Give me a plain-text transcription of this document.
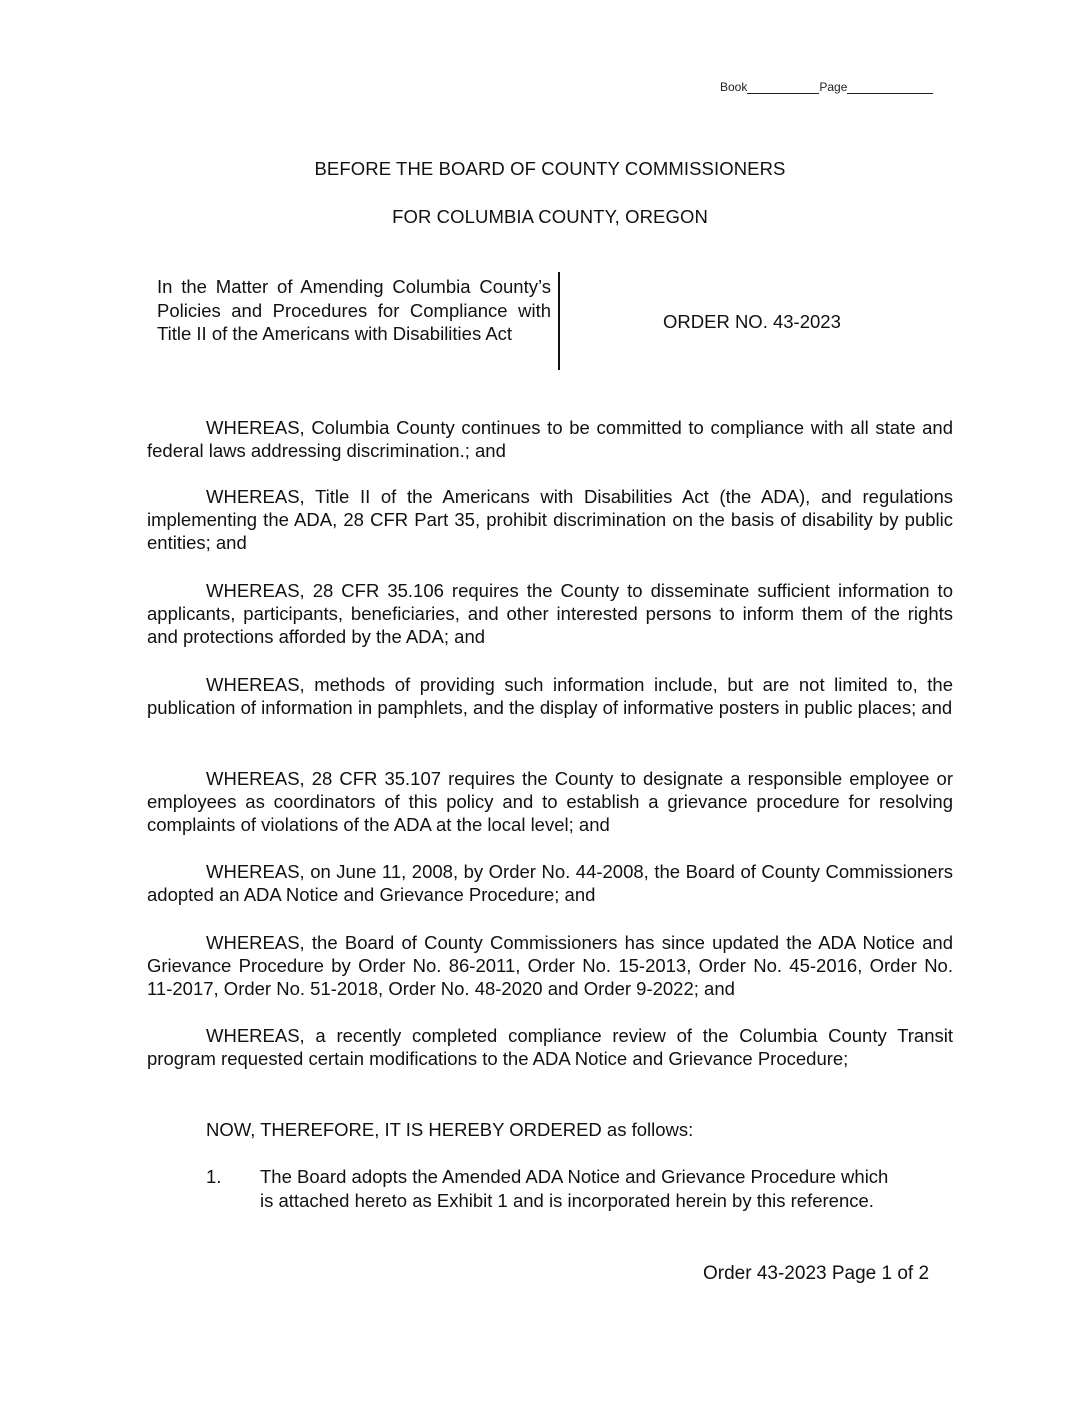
Book	Page
BEFORE THE BOARD OF COUNTY COMMISSIONERS
FOR COLUMBIA COUNTY, OREGON
In the Matter of Amending Columbia County’s Policies and Procedures for Compliance with Title II of the Americans with Disabilities Act
ORDER NO. 43-2023
WHEREAS, Columbia County continues to be committed to compliance with all state and federal laws addressing discrimination.; and
WHEREAS, Title II of the Americans with Disabilities Act (the ADA), and regulations implementing the ADA, 28 CFR Part 35, prohibit discrimination on the basis of disability by public entities; and
WHEREAS, 28 CFR 35.106 requires the County to disseminate sufficient information to applicants, participants, beneficiaries, and other interested persons to inform them of the rights and protections afforded by the ADA; and
WHEREAS, methods of providing such information include, but are not limited to, the publication of information in pamphlets, and the display of informative posters in public places; and
WHEREAS, 28 CFR 35.107 requires the County to designate a responsible employee or employees as coordinators of this policy and to establish a grievance procedure for resolving complaints of violations of the ADA at the local level; and
WHEREAS, on June 11, 2008, by Order No. 44-2008, the Board of County Commissioners adopted an ADA Notice and Grievance Procedure; and
WHEREAS, the Board of County Commissioners has since updated the ADA Notice and Grievance Procedure by Order No. 86-2011, Order No. 15-2013, Order No. 45-2016, Order No. 11-2017, Order No. 51-2018, Order No. 48-2020 and Order 9-2022; and
WHEREAS, a recently completed compliance review of the Columbia County Transit program requested certain modifications to the ADA Notice and Grievance Procedure;
NOW, THEREFORE, IT IS HEREBY ORDERED as follows:
1.	The Board adopts the Amended ADA Notice and Grievance Procedure which is attached hereto as Exhibit 1 and is incorporated herein by this reference.
Order 43-2023 Page 1 of 2
